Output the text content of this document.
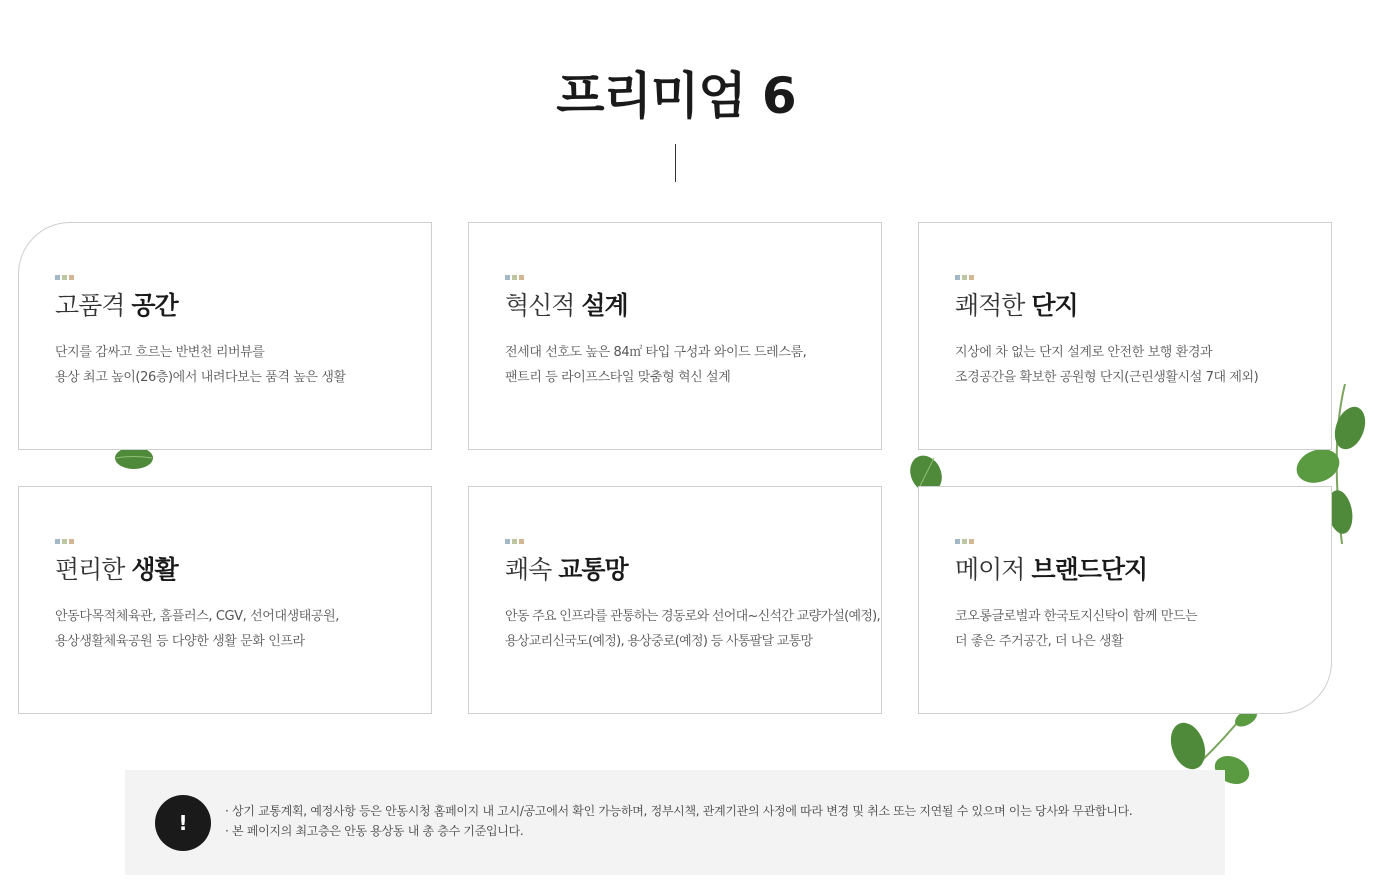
프리미엄 6
고품격 공간
단지를 감싸고 흐르는 반변천 리버뷰를
용상 최고 높이(26층)에서 내려다보는 품격 높은 생활
혁신적 설계
전세대 선호도 높은 84㎡ 타입 구성과 와이드 드레스룸,
팬트리 등 라이프스타일 맞춤형 혁신 설계
쾌적한 단지
지상에 차 없는 단지 설계로 안전한 보행 환경과
조경공간을 확보한 공원형 단지(근린생활시설 7대 제외)
편리한 생활
안동다목적체육관, 홈플러스, CGV, 선어대생태공원,
용상생활체육공원 등 다양한 생활 문화 인프라
쾌속 교통망
안동 주요 인프라를 관통하는 경동로와 선어대~신석간 교량가설(예정),
용상교리신국도(예정), 용상중로(예정) 등 사통팔달 교통망
메이저 브랜드단지
코오롱글로벌과 한국토지신탁이 함께 만드는
더 좋은 주거공간, 더 나은 생활
!	· 상기 교통계획, 예정사항 등은 안동시청 홈페이지 내 고시/공고에서 확인 가능하며, 정부시책, 관계기관의 사정에 따라 변경 및 취소 또는 지연될 수 있으며 이는 당사와 무관합니다.
· 본 페이지의 최고층은 안동 용상동 내 총 층수 기준입니다.
